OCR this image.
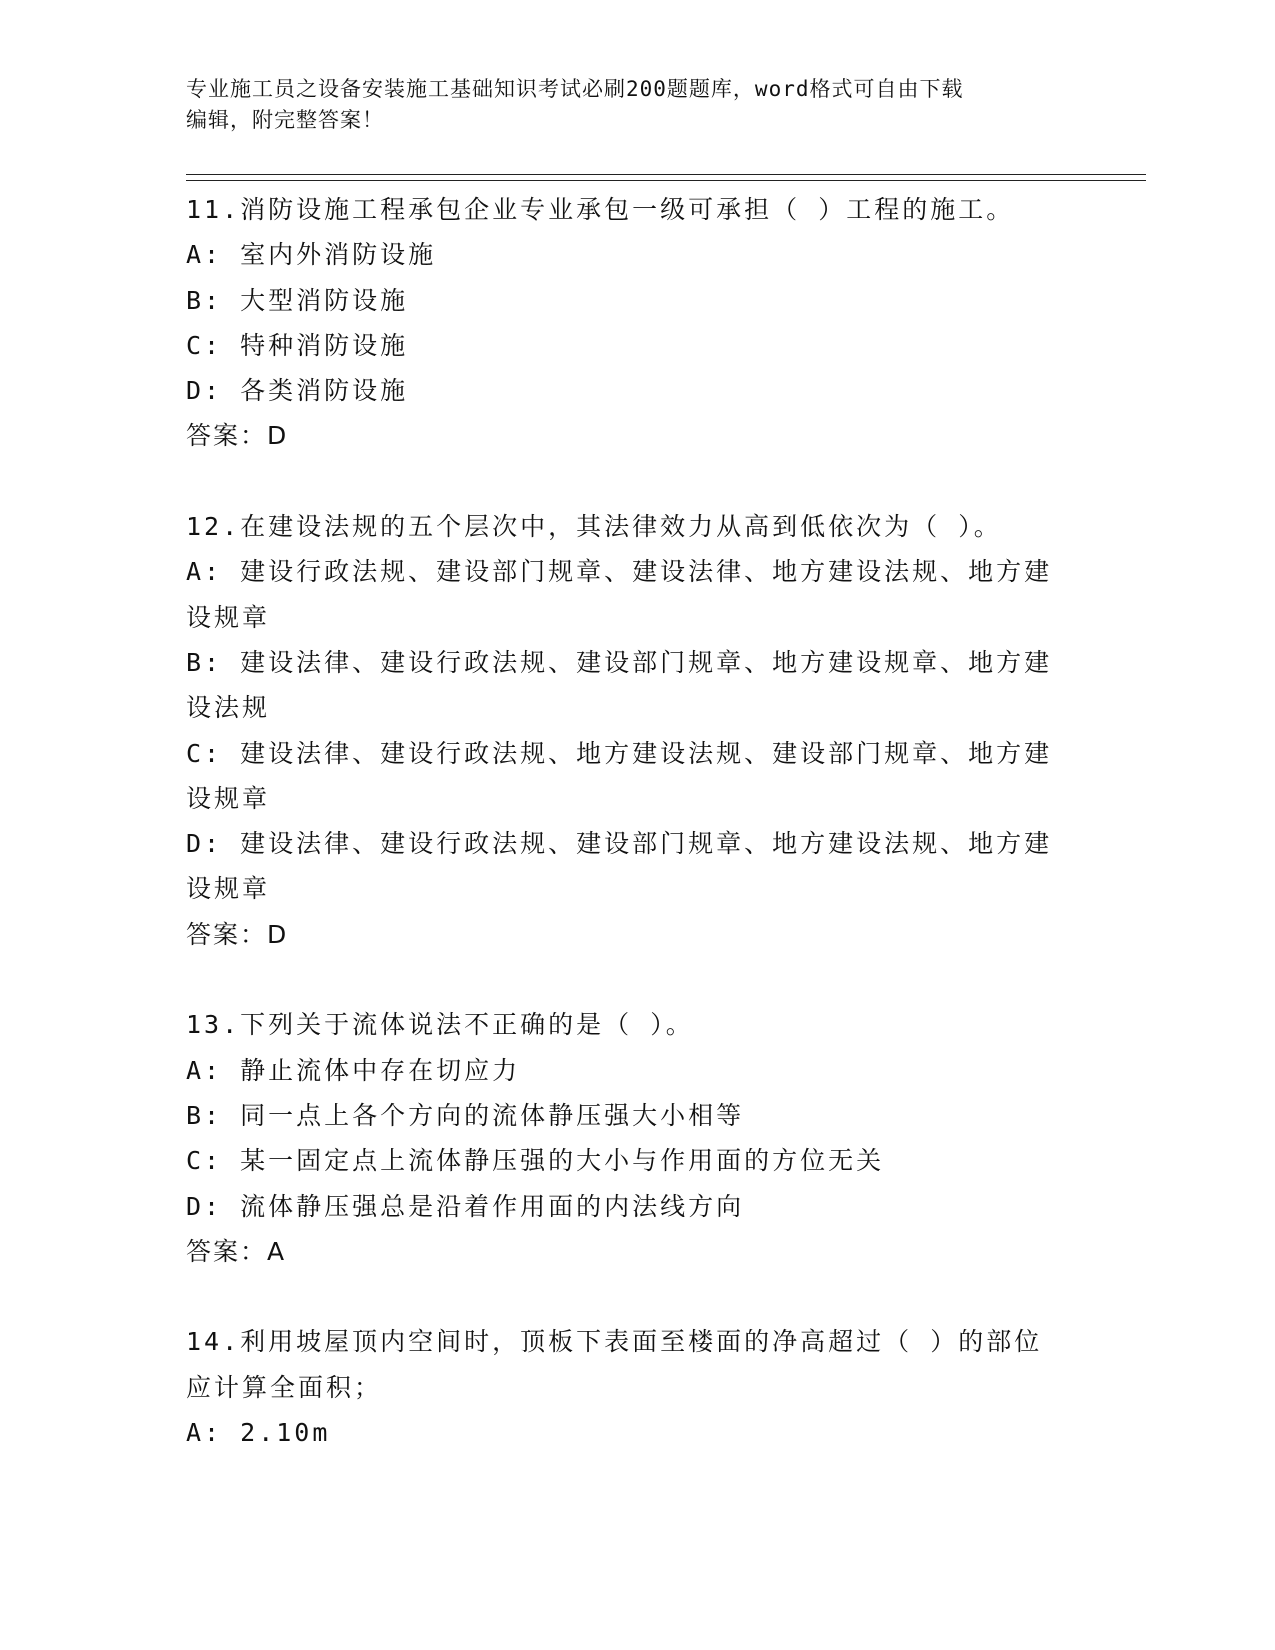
专业施工员之设备安装施工基础知识考试必刷200题题库，word格式可自由下载
编辑，附完整答案！
11.消防设施工程承包企业专业承包一级可承担（ ）工程的施工。
A: 室内外消防设施
B: 大型消防设施
C: 特种消防设施
D: 各类消防设施
答案：D
12.在建设法规的五个层次中，其法律效力从高到低依次为（ ）。
A: 建设行政法规、建设部门规章、建设法律、地方建设法规、地方建
设规章
B: 建设法律、建设行政法规、建设部门规章、地方建设规章、地方建
设法规
C: 建设法律、建设行政法规、地方建设法规、建设部门规章、地方建
设规章
D: 建设法律、建设行政法规、建设部门规章、地方建设法规、地方建
设规章
答案：D
13.下列关于流体说法不正确的是（ ）。
A: 静止流体中存在切应力
B: 同一点上各个方向的流体静压强大小相等
C: 某一固定点上流体静压强的大小与作用面的方位无关
D: 流体静压强总是沿着作用面的内法线方向
答案：A
14.利用坡屋顶内空间时，顶板下表面至楼面的净高超过（ ）的部位
应计算全面积；
A: 2.10m
